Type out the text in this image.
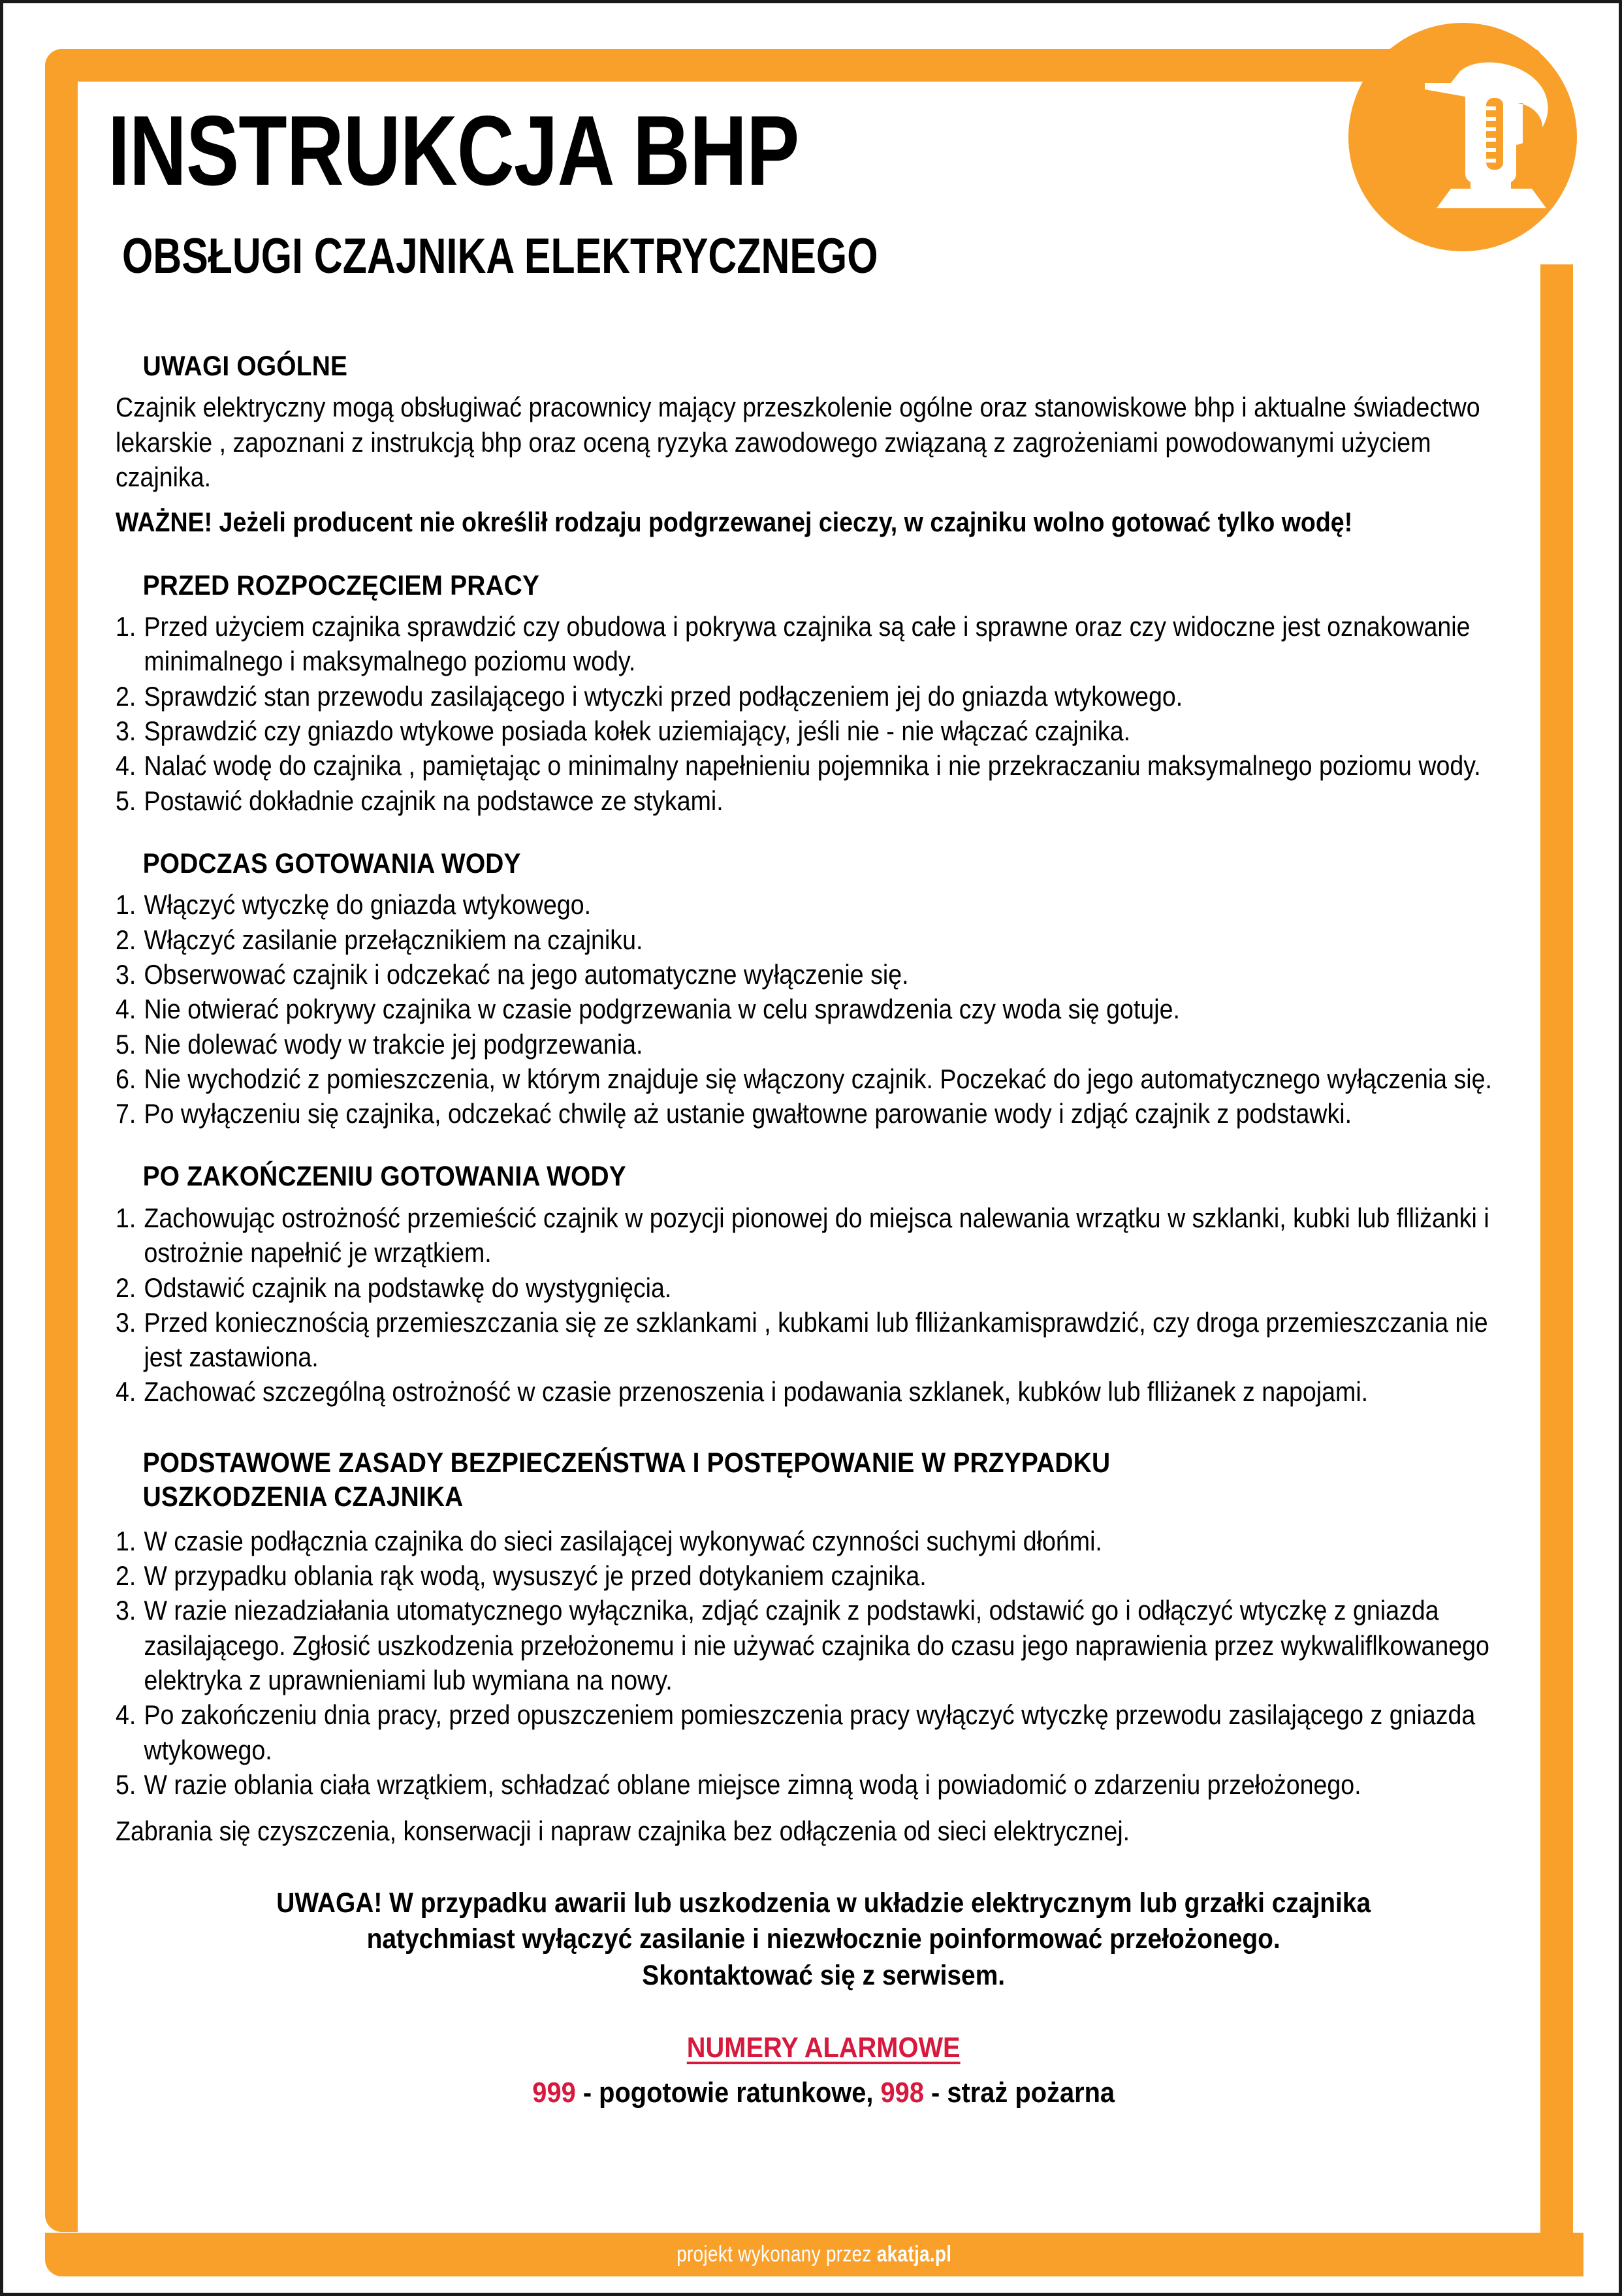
INSTRUKCJA BHP
OBSŁUGI CZAJNIKA ELEKTRYCZNEGO
UWAGI OGÓLNE

Czajnik elektryczny mogą obsługiwać pracownicy mający przeszkolenie ogólne oraz stanowiskowe bhp i aktualne świadectwo lekarskie , zapoznani z instrukcją bhp oraz oceną ryzyka zawodowego związaną z zagrożeniami powodowanymi użyciem czajnika.

WAŻNE! Jeżeli producent nie określił rodzaju podgrzewanej cieczy, w czajniku wolno gotować tylko wodę!

PRZED ROZPOCZĘCIEM PRACY
1. Przed użyciem czajnika sprawdzić czy obudowa i pokrywa czajnika są całe i sprawne oraz czy widoczne jest oznakowanie minimalnego i maksymalnego poziomu wody.
2. Sprawdzić stan przewodu zasilającego i wtyczki przed podłączeniem jej do gniazda wtykowego.
3. Sprawdzić czy gniazdo wtykowe posiada kołek uziemiający, jeśli nie - nie włączać czajnika.
4. Nalać wodę do czajnika , pamiętając o minimalny napełnieniu pojemnika i nie przekraczaniu maksymalnego poziomu wody.
5. Postawić dokładnie czajnik na podstawce ze stykami.
PODCZAS GOTOWANIA WODY
1. Włączyć wtyczkę do gniazda wtykowego.
2. Włączyć zasilanie przełącznikiem na czajniku.
3. Obserwować czajnik i odczekać na jego automatyczne wyłączenie się.
4. Nie otwierać pokrywy czajnika w czasie podgrzewania w celu sprawdzenia czy woda się gotuje.
5. Nie dolewać wody w trakcie jej podgrzewania.
6. Nie wychodzić z pomieszczenia, w którym znajduje się włączony czajnik. Poczekać do jego automatycznego wyłączenia się.
7. Po wyłączeniu się czajnika, odczekać chwilę aż ustanie gwałtowne parowanie wody i zdjąć czajnik z podstawki.
PO ZAKOŃCZENIU GOTOWANIA WODY
1. Zachowując ostrożność przemieścić czajnik w pozycji pionowej do miejsca nalewania wrzątku w szklanki, kubki lub flliżanki i ostrożnie napełnić je wrzątkiem.
2. Odstawić czajnik na podstawkę do wystygnięcia.
3. Przed koniecznością przemieszczania się ze szklankami , kubkami lub flliżankamisprawdzić, czy droga przemieszczania nie jest zastawiona.
4. Zachować szczególną ostrożność w czasie przenoszenia i podawania szklanek, kubków lub flliżanek z napojami.
PODSTAWOWE ZASADY BEZPIECZEŃSTWA I POSTĘPOWANIE W PRZYPADKU
USZKODZENIA CZAJNIKA
1. W czasie podłącznia czajnika do sieci zasilającej wykonywać czynności suchymi dłońmi.
2. W przypadku oblania rąk wodą, wysuszyć je przed dotykaniem czajnika.
3. W razie niezadziałania utomatycznego wyłącznika, zdjąć czajnik z podstawki, odstawić go i odłączyć wtyczkę z gniazda zasilającego. Zgłosić uszkodzenia przełożonemu i nie używać czajnika do czasu jego naprawienia przez wykwaliflkowanego elektryka z uprawnieniami lub wymiana na nowy.
4. Po zakończeniu dnia pracy, przed opuszczeniem pomieszczenia pracy wyłączyć wtyczkę przewodu zasilającego z gniazda wtykowego.
5. W razie oblania ciała wrzątkiem, schładzać oblane miejsce zimną wodą i powiadomić o zdarzeniu przełożonego.

Zabrania się czyszczenia, konserwacji i napraw czajnika bez odłączenia od sieci elektrycznej.

UWAGA! W przypadku awarii lub uszkodzenia w układzie elektrycznym lub grzałki czajnika
natychmiast wyłączyć zasilanie i niezwłocznie poinformować przełożonego.
Skontaktować się z serwisem.
NUMERY ALARMOWE
999 - pogotowie ratunkowe, 998 - straż pożarna
projekt wykonany przez akatja.pl
